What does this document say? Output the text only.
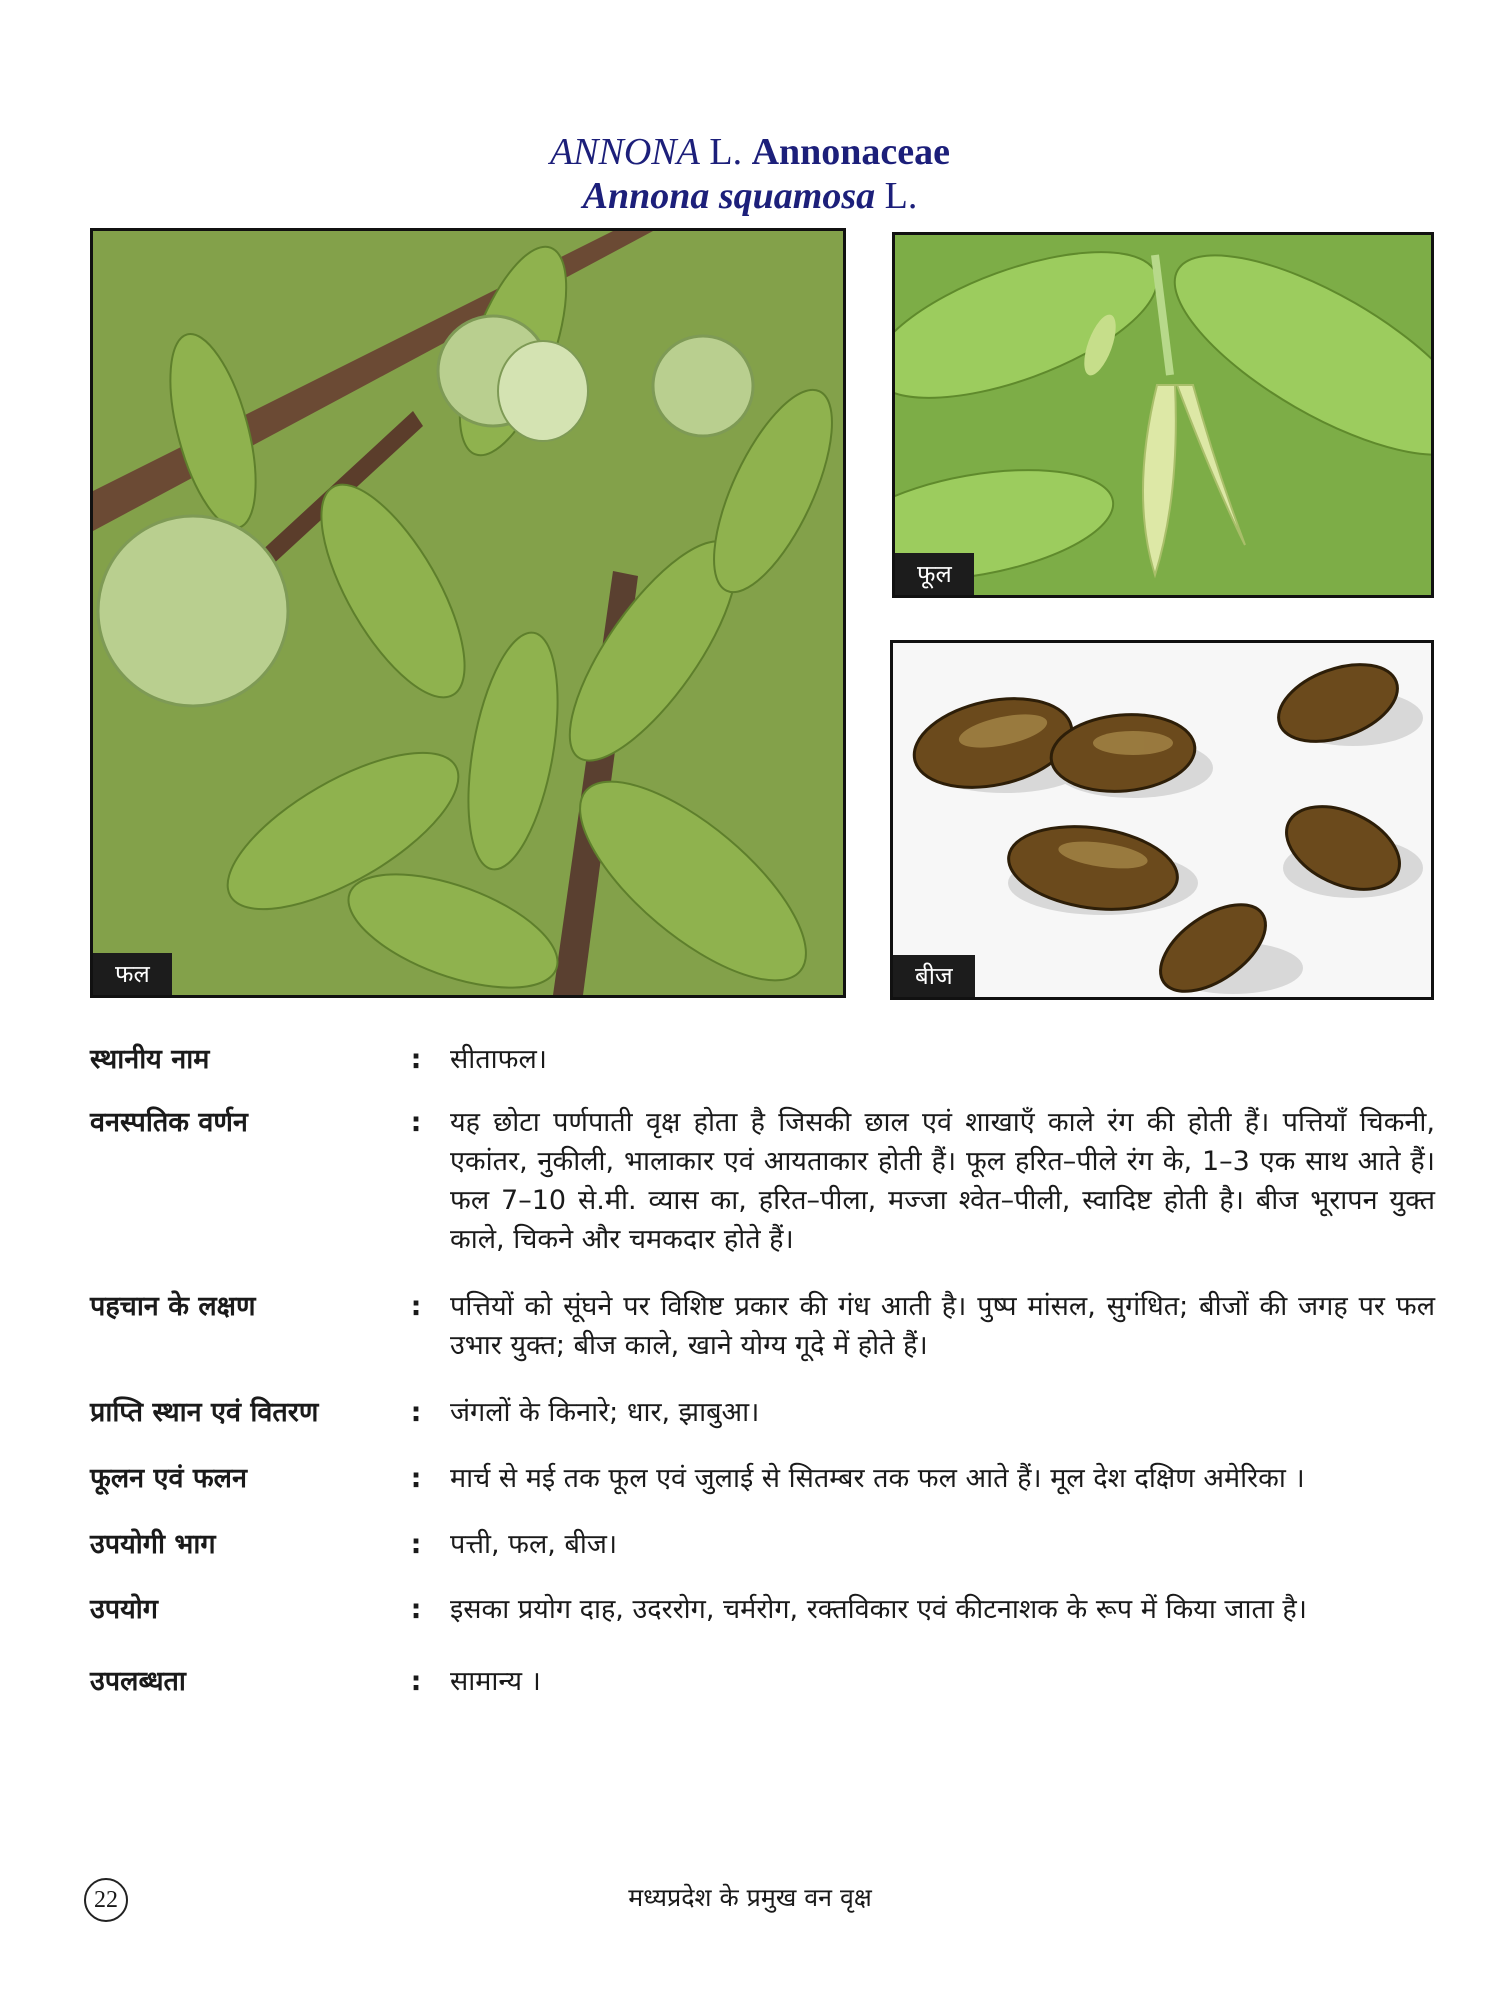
ANNONA L. Annonaceae
Annona squamosa L.
फल
फूल
बीज
स्थानीय नाम	:	सीताफल।
वनस्पतिक वर्णन	:	यह छोटा पर्णपाती वृक्ष होता है जिसकी छाल एवं शाखाएँ काले रंग की होती हैं। पत्तियाँ चिकनी, एकांतर, नुकीली, भालाकार एवं आयताकार होती हैं। फूल हरित–पीले रंग के, 1–3 एक साथ आते हैं। फल 7–10 से.मी. व्यास का, हरित–पीला, मज्जा श्वेत–पीली, स्वादिष्ट होती है। बीज भूरापन युक्त काले, चिकने और चमकदार होते हैं।
पहचान के लक्षण	:	पत्तियों को सूंघने पर विशिष्ट प्रकार की गंध आती है। पुष्प मांसल, सुगंधित; बीजों की जगह पर फल उभार युक्त; बीज काले, खाने योग्य गूदे में होते हैं।
प्राप्ति स्थान एवं वितरण	:	जंगलों के किनारे; धार, झाबुआ।
फूलन एवं फलन	:	मार्च से मई तक फूल एवं जुलाई से सितम्बर तक फल आते हैं। मूल देश दक्षिण अमेरिका ।
उपयोगी भाग	:	पत्ती, फल, बीज।
उपयोग	:	इसका प्रयोग दाह, उदररोग, चर्मरोग, रक्तविकार एवं कीटनाशक के रूप में किया जाता है।
उपलब्धता	:	सामान्य ।
22	मध्यप्रदेश के प्रमुख वन वृक्ष
